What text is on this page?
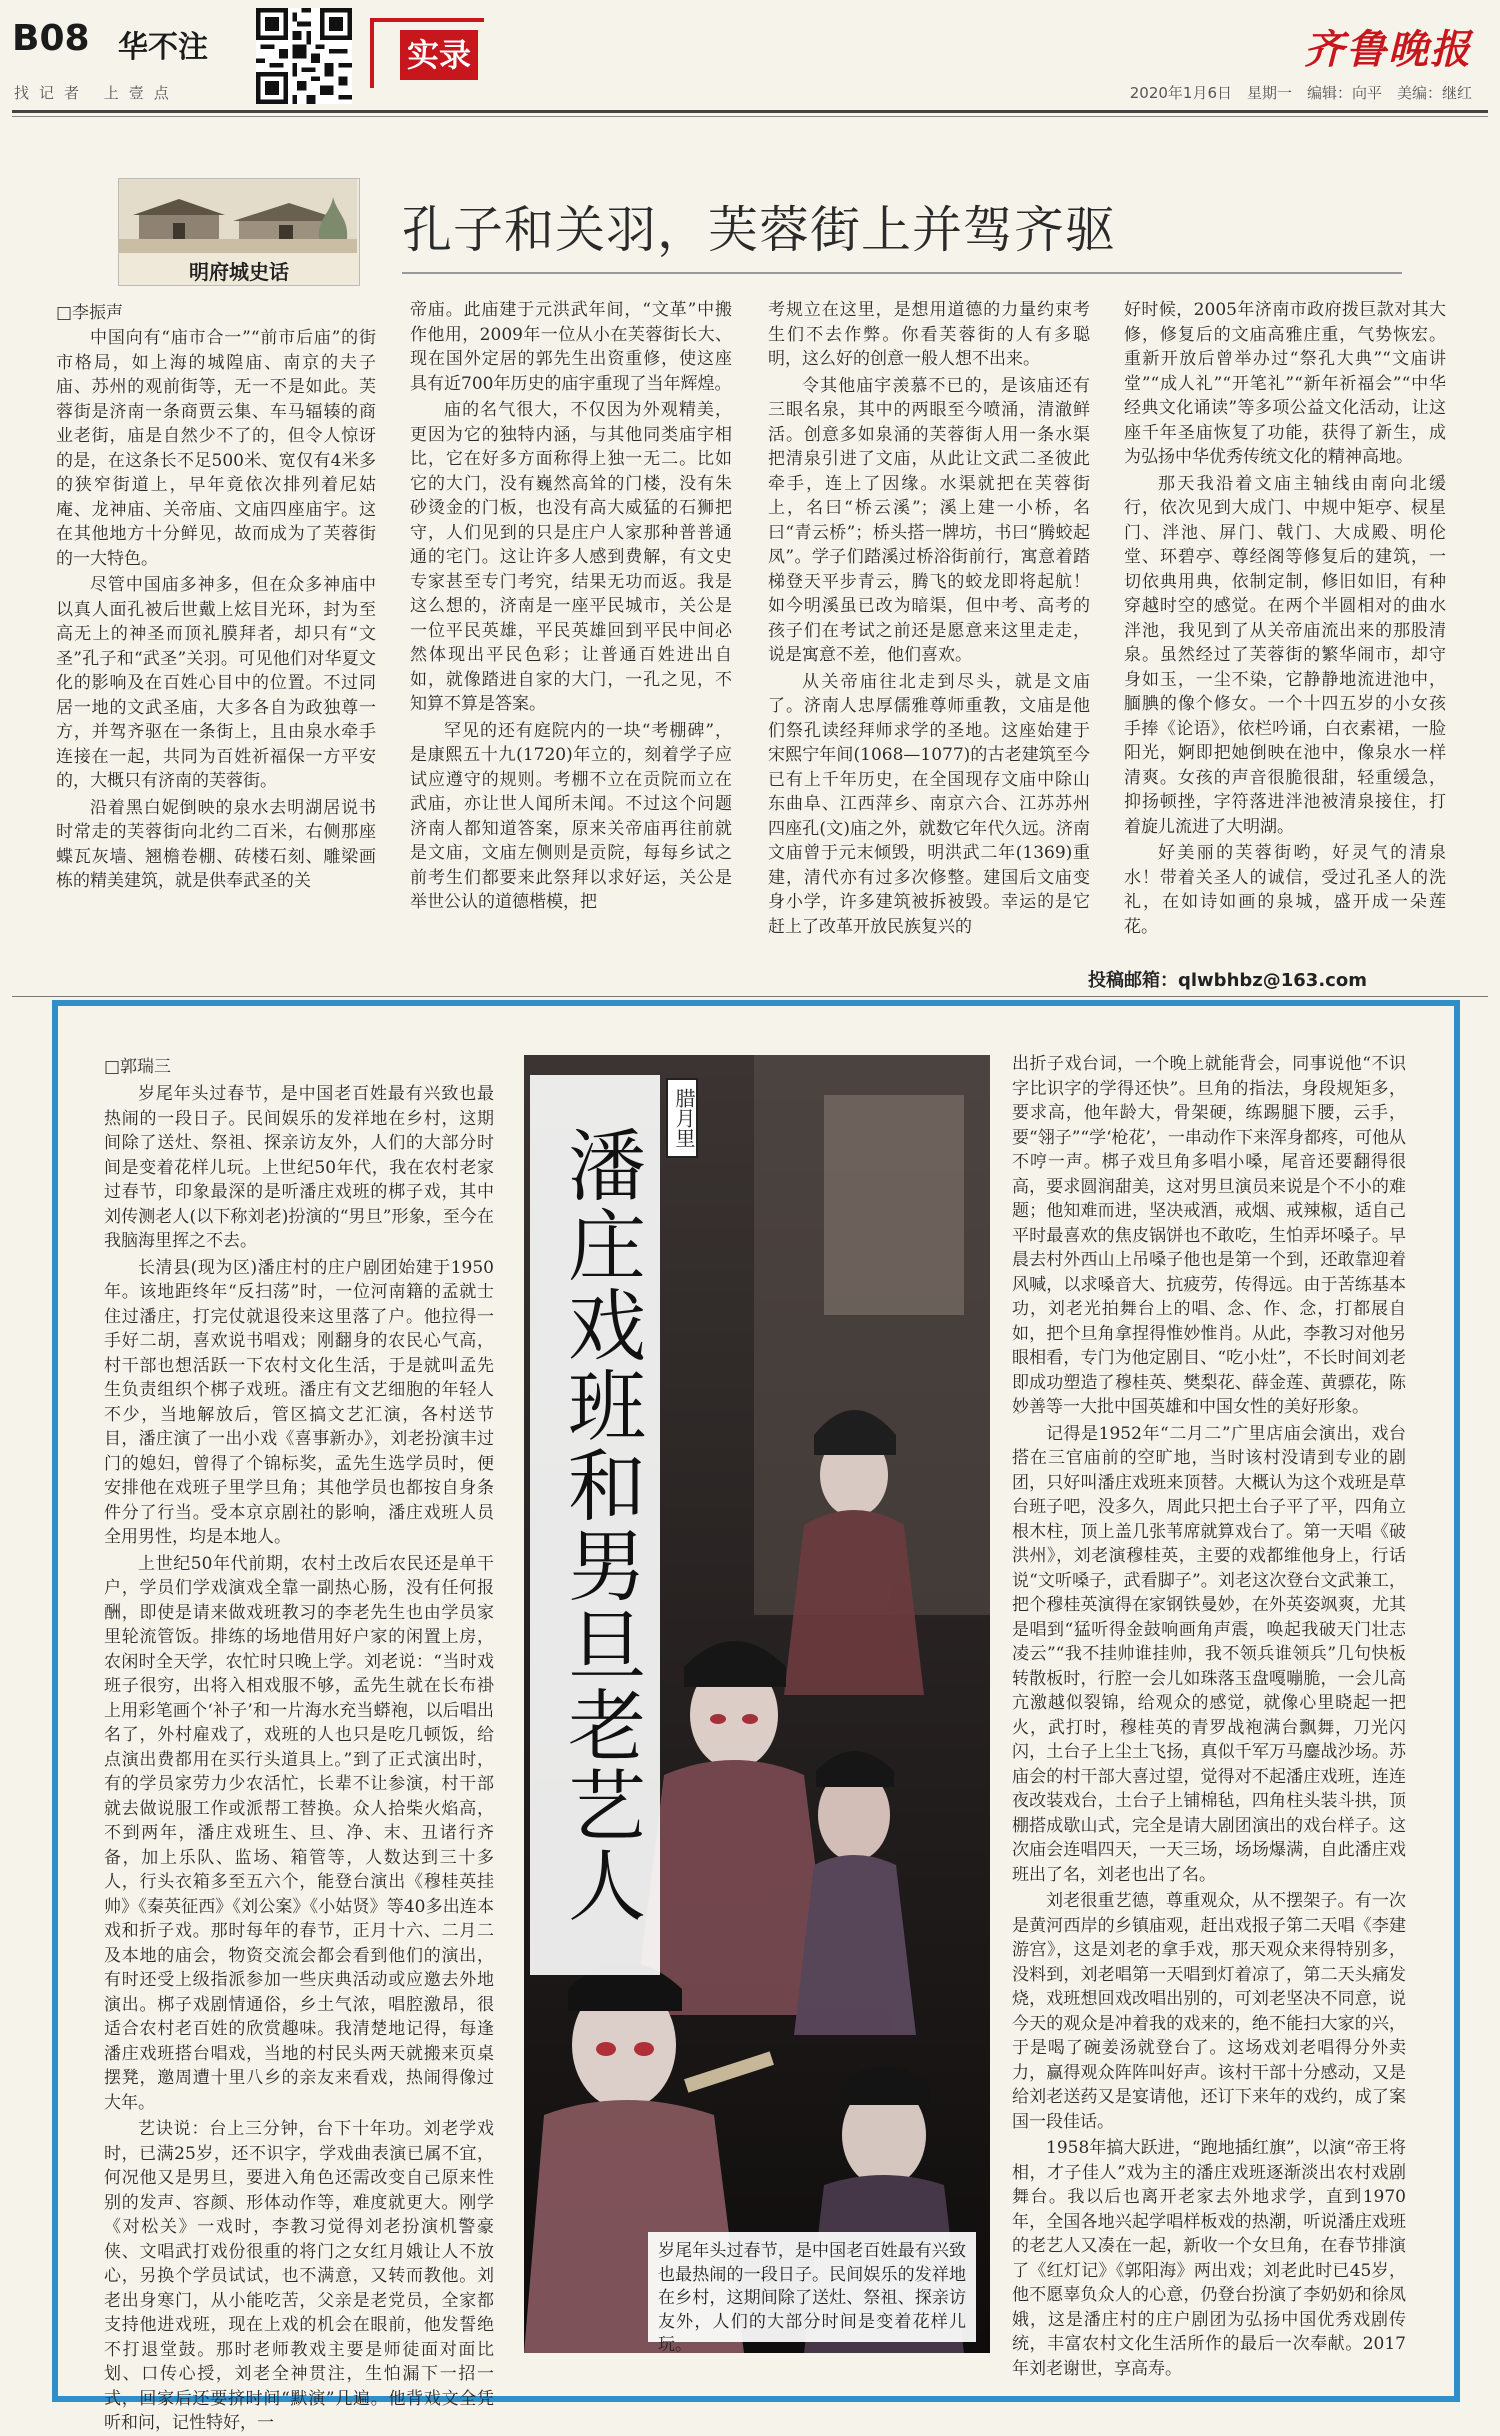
B08 华不注
找记者 上壹点
实录	齐鲁晚报
2020年1月6日　星期一　编辑：向平　美编：继红
明府城史话
孔子和关羽，芙蓉街上并驾齐驱
□李振声

中国向有“庙市合一”“前市后庙”的街市格局，如上海的城隍庙、南京的夫子庙、苏州的观前街等，无一不是如此。芙蓉街是济南一条商贾云集、车马辐辏的商业老街，庙是自然少不了的，但令人惊讶的是，在这条长不足500米、宽仅有4米多的狭窄街道上，早年竟依次排列着尼姑庵、龙神庙、关帝庙、文庙四座庙宇。这在其他地方十分鲜见，故而成为了芙蓉街的一大特色。

尽管中国庙多神多，但在众多神庙中以真人面孔被后世戴上炫目光环，封为至高无上的神圣而顶礼膜拜者，却只有“文圣”孔子和“武圣”关羽。可见他们对华夏文化的影响及在百姓心目中的位置。不过同居一地的文武圣庙，大多各自为政独尊一方，并驾齐驱在一条街上，且由泉水牵手连接在一起，共同为百姓祈福保一方平安的，大概只有济南的芙蓉街。

沿着黑白妮倒映的泉水去明湖居说书时常走的芙蓉街向北约二百米，右侧那座蝶瓦灰墙、翘檐卷棚、砖楼石刻、雕梁画栋的精美建筑，就是供奉武圣的关

帝庙。此庙建于元洪武年间，“文革”中搬作他用，2009年一位从小在芙蓉街长大、现在国外定居的郭先生出资重修，使这座具有近700年历史的庙宇重现了当年辉煌。

庙的名气很大，不仅因为外观精美，更因为它的独特内涵，与其他同类庙宇相比，它在好多方面称得上独一无二。比如它的大门，没有巍然高耸的门楼，没有朱砂烫金的门板，也没有高大威猛的石狮把守，人们见到的只是庄户人家那种普普通通的宅门。这让许多人感到费解，有文史专家甚至专门考究，结果无功而返。我是这么想的，济南是一座平民城市，关公是一位平民英雄，平民英雄回到平民中间必然体现出平民色彩；让普通百姓进出自如，就像踏进自家的大门，一孔之见，不知算不算是答案。

罕见的还有庭院内的一块“考棚碑”，是康熙五十九(1720)年立的，刻着学子应试应遵守的规则。考棚不立在贡院而立在武庙，亦让世人闻所未闻。不过这个问题济南人都知道答案，原来关帝庙再往前就是文庙，文庙左侧则是贡院，每每乡试之前考生们都要来此祭拜以求好运，关公是举世公认的道德楷模，把

考规立在这里，是想用道德的力量约束考生们不去作弊。你看芙蓉街的人有多聪明，这么好的创意一般人想不出来。

令其他庙宇羡慕不已的，是该庙还有三眼名泉，其中的两眼至今喷涌，清澈鲜活。创意多如泉涌的芙蓉街人用一条水渠把清泉引进了文庙，从此让文武二圣彼此牵手，连上了因缘。水渠就把在芙蓉街上，名曰“桥云溪”；溪上建一小桥，名曰“青云桥”；桥头搭一牌坊，书曰“腾蛟起凤”。学子们踏溪过桥浴街前行，寓意着踏梯登天平步青云，腾飞的蛟龙即将起航！如今明溪虽已改为暗渠，但中考、高考的孩子们在考试之前还是愿意来这里走走，说是寓意不差，他们喜欢。

从关帝庙往北走到尽头，就是文庙了。济南人忠厚儒雅尊师重教，文庙是他们祭孔读经拜师求学的圣地。这座始建于宋熙宁年间(1068—1077)的古老建筑至今已有上千年历史，在全国现存文庙中除山东曲阜、江西萍乡、南京六合、江苏苏州四座孔(文)庙之外，就数它年代久远。济南文庙曾于元末倾毁，明洪武二年(1369)重建，清代亦有过多次修整。建国后文庙变身小学，许多建筑被拆被毁。幸运的是它赶上了改革开放民族复兴的

好时候，2005年济南市政府拨巨款对其大修，修复后的文庙高雅庄重，气势恢宏。重新开放后曾举办过“祭孔大典”“文庙讲堂”“成人礼”“开笔礼”“新年祈福会”“中华经典文化诵读”等多项公益文化活动，让这座千年圣庙恢复了功能，获得了新生，成为弘扬中华优秀传统文化的精神高地。

那天我沿着文庙主轴线由南向北缓行，依次见到大成门、中规中矩亭、棂星门、泮池、屏门、戟门、大成殿、明伦堂、环碧亭、尊经阁等修复后的建筑，一切依典用典，依制定制，修旧如旧，有种穿越时空的感觉。在两个半圆相对的曲水泮池，我见到了从关帝庙流出来的那股清泉。虽然经过了芙蓉街的繁华闹市，却守身如玉，一尘不染，它静静地流进池中，腼腆的像个修女。一个十四五岁的小女孩手捧《论语》，依栏吟诵，白衣素裙，一脸阳光，婀即把她倒映在池中，像泉水一样清爽。女孩的声音很脆很甜，轻重缓急，抑扬顿挫，字符落进泮池被清泉接住，打着旋儿流进了大明湖。

好美丽的芙蓉街哟，好灵气的清泉水！带着关圣人的诚信，受过孔圣人的洗礼，在如诗如画的泉城，盛开成一朵莲花。

投稿邮箱：qlwbhbz@163.com
□郭瑞三

岁尾年头过春节，是中国老百姓最有兴致也最热闹的一段日子。民间娱乐的发祥地在乡村，这期间除了送灶、祭祖、探亲访友外，人们的大部分时间是变着花样儿玩。上世纪50年代，我在农村老家过春节，印象最深的是听潘庄戏班的梆子戏，其中刘传测老人(以下称刘老)扮演的“男旦”形象，至今在我脑海里挥之不去。

长清县(现为区)潘庄村的庄户剧团始建于1950年。该地距终年“反扫荡”时，一位河南籍的孟就士住过潘庄，打完仗就退役来这里落了户。他拉得一手好二胡，喜欢说书唱戏；刚翻身的农民心气高，村干部也想活跃一下农村文化生活，于是就叫孟先生负责组织个梆子戏班。潘庄有文艺细胞的年轻人不少，当地解放后，管区搞文艺汇演，各村送节目，潘庄演了一出小戏《喜事新办》，刘老扮演丰过门的媳妇，曾得了个锦标奖，孟先生选学员时，便安排他在戏班子里学旦角；其他学员也都按自身条件分了行当。受本京京剧社的影响，潘庄戏班人员全用男性，均是本地人。

上世纪50年代前期，农村土改后农民还是单干户，学员们学戏演戏全靠一副热心肠，没有任何报酬，即使是请来做戏班教习的李老先生也由学员家里轮流管饭。排练的场地借用好户家的闲置上房，农闲时全天学，农忙时只晚上学。刘老说：“当时戏班子很穷，出将入相戏服不够，孟先生就在长布褂上用彩笔画个‘补子’和一片海水充当蟒袍，以后唱出名了，外村雇戏了，戏班的人也只是吃几顿饭，给点演出费都用在买行头道具上。”到了正式演出时，有的学员家劳力少农活忙，长辈不让参演，村干部就去做说服工作或派帮工替换。众人拾柴火焰高，不到两年，潘庄戏班生、旦、净、末、丑诸行齐备，加上乐队、监场、箱管等，人数达到三十多人，行头衣箱多至五六个，能登台演出《穆桂英挂帅》《秦英征西》《刘公案》《小姑贤》等40多出连本戏和折子戏。那时每年的春节，正月十六、二月二及本地的庙会，物资交流会都会看到他们的演出，有时还受上级指派参加一些庆典活动或应邀去外地演出。梆子戏剧情通俗，乡土气浓，唱腔激昂，很适合农村老百姓的欣赏趣味。我清楚地记得，每逢潘庄戏班搭台唱戏，当地的村民头两天就搬来页桌摆凳，邀周遭十里八乡的亲友来看戏，热闹得像过大年。

艺诀说：台上三分钟，台下十年功。刘老学戏时，已满25岁，还不识字，学戏曲表演已属不宜，何况他又是男旦，要进入角色还需改变自己原来性别的发声、容颜、形体动作等，难度就更大。刚学《对松关》一戏时，李教习觉得刘老扮演机警豪侠、文唱武打戏份很重的将门之女红月娥让人不放心，另换个学员试试，也不满意，又转而教他。刘老出身寒门，从小能吃苦，父亲是老党员，全家都支持他进戏班，现在上戏的机会在眼前，他发誓绝不打退堂鼓。那时老师教戏主要是师徒面对面比划、口传心授，刘老全神贯注，生怕漏下一招一式，回家后还要挤时间“默演”几遍。他背戏文全凭听和问，记性特好，一

腊月里
潘庄戏班和男旦老艺人
岁尾年头过春节，是中国老百姓最有兴致也最热闹的一段日子。民间娱乐的发祥地在乡村，这期间除了送灶、祭祖、探亲访友外，人们的大部分时间是变着花样儿玩。

出折子戏台词，一个晚上就能背会，同事说他“不识字比识字的学得还快”。旦角的指法，身段规矩多，要求高，他年龄大，骨架硬，练踢腿下腰，云手，要“翎子”“学‘枪花’，一串动作下来浑身都疼，可他从不哼一声。梆子戏旦角多唱小嗓，尾音还要翻得很高，要求圆润甜美，这对男旦演员来说是个不小的难题；他知难而进，坚决戒酒，戒烟、戒辣椒，适自己平时最喜欢的焦皮锅饼也不敢吃，生怕弄坏嗓子。早晨去村外西山上吊嗓子他也是第一个到，还敢靠迎着风喊，以求嗓音大、抗疲劳，传得远。由于苦练基本功，刘老光拍舞台上的唱、念、作、念，打都展自如，把个旦角拿捏得惟妙惟肖。从此，李教习对他另眼相看，专门为他定剧目、“吃小灶”，不长时间刘老即成功塑造了穆桂英、樊梨花、薛金莲、黄骠花，陈妙善等一大批中国英雄和中国女性的美好形象。

记得是1952年“二月二”广里店庙会演出，戏台搭在三官庙前的空旷地，当时该村没请到专业的剧团，只好叫潘庄戏班来顶替。大概认为这个戏班是草台班子吧，没多久，周此只把土台子平了平，四角立根木柱，顶上盖几张苇席就算戏台了。第一天唱《破洪州》，刘老演穆桂英，主要的戏都维他身上，行话说“文听嗓子，武看脚子”。刘老这次登台文武兼工，把个穆桂英演得在家钢铁曼妙，在外英姿飒爽，尤其是唱到“猛听得金鼓响画角声震，唤起我破天门壮志凌云”“我不挂帅谁挂帅，我不领兵谁领兵”几句快板转散板时，行腔一会儿如珠落玉盘嘎嘣脆，一会儿高亢激越似裂锦，给观众的感觉，就像心里晓起一把火，武打时，穆桂英的青罗战袍满台飘舞，刀光闪闪，土台子上尘土飞扬，真似千军万马鏖战沙场。苏庙会的村干部大喜过望，觉得对不起潘庄戏班，连连夜改装戏台，土台子上铺棉毡，四角柱头装斗拱，顶棚搭成歇山式，完全是请大剧团演出的戏台样子。这次庙会连唱四天，一天三场，场场爆满，自此潘庄戏班出了名，刘老也出了名。

刘老很重艺德，尊重观众，从不摆架子。有一次是黄河西岸的乡镇庙观，赶出戏报子第二天唱《李建游宫》，这是刘老的拿手戏，那天观众来得特别多，没料到，刘老唱第一天唱到灯着凉了，第二天头痛发烧，戏班想回戏改唱出别的，可刘老坚决不同意，说今天的观众是冲着我的戏来的，绝不能扫大家的兴，于是喝了碗姜汤就登台了。这场戏刘老唱得分外卖力，赢得观众阵阵叫好声。该村干部十分感动，又是给刘老送药又是宴请他，还订下来年的戏约，成了案国一段佳话。

1958年搞大跃进，“跑地插红旗”，以演“帝王将相，才子佳人”戏为主的潘庄戏班逐渐淡出农村戏剧舞台。我以后也离开老家去外地求学，直到1970年，全国各地兴起学唱样板戏的热潮，听说潘庄戏班的老艺人又凑在一起，新收一个女旦角，在春节排演了《红灯记》《郭阳海》两出戏；刘老此时已45岁，他不愿辜负众人的心意，仍登台扮演了李奶奶和徐凤娥，这是潘庄村的庄户剧团为弘扬中国优秀戏剧传统，丰富农村文化生活所作的最后一次奉献。2017年刘老谢世，享高寿。
